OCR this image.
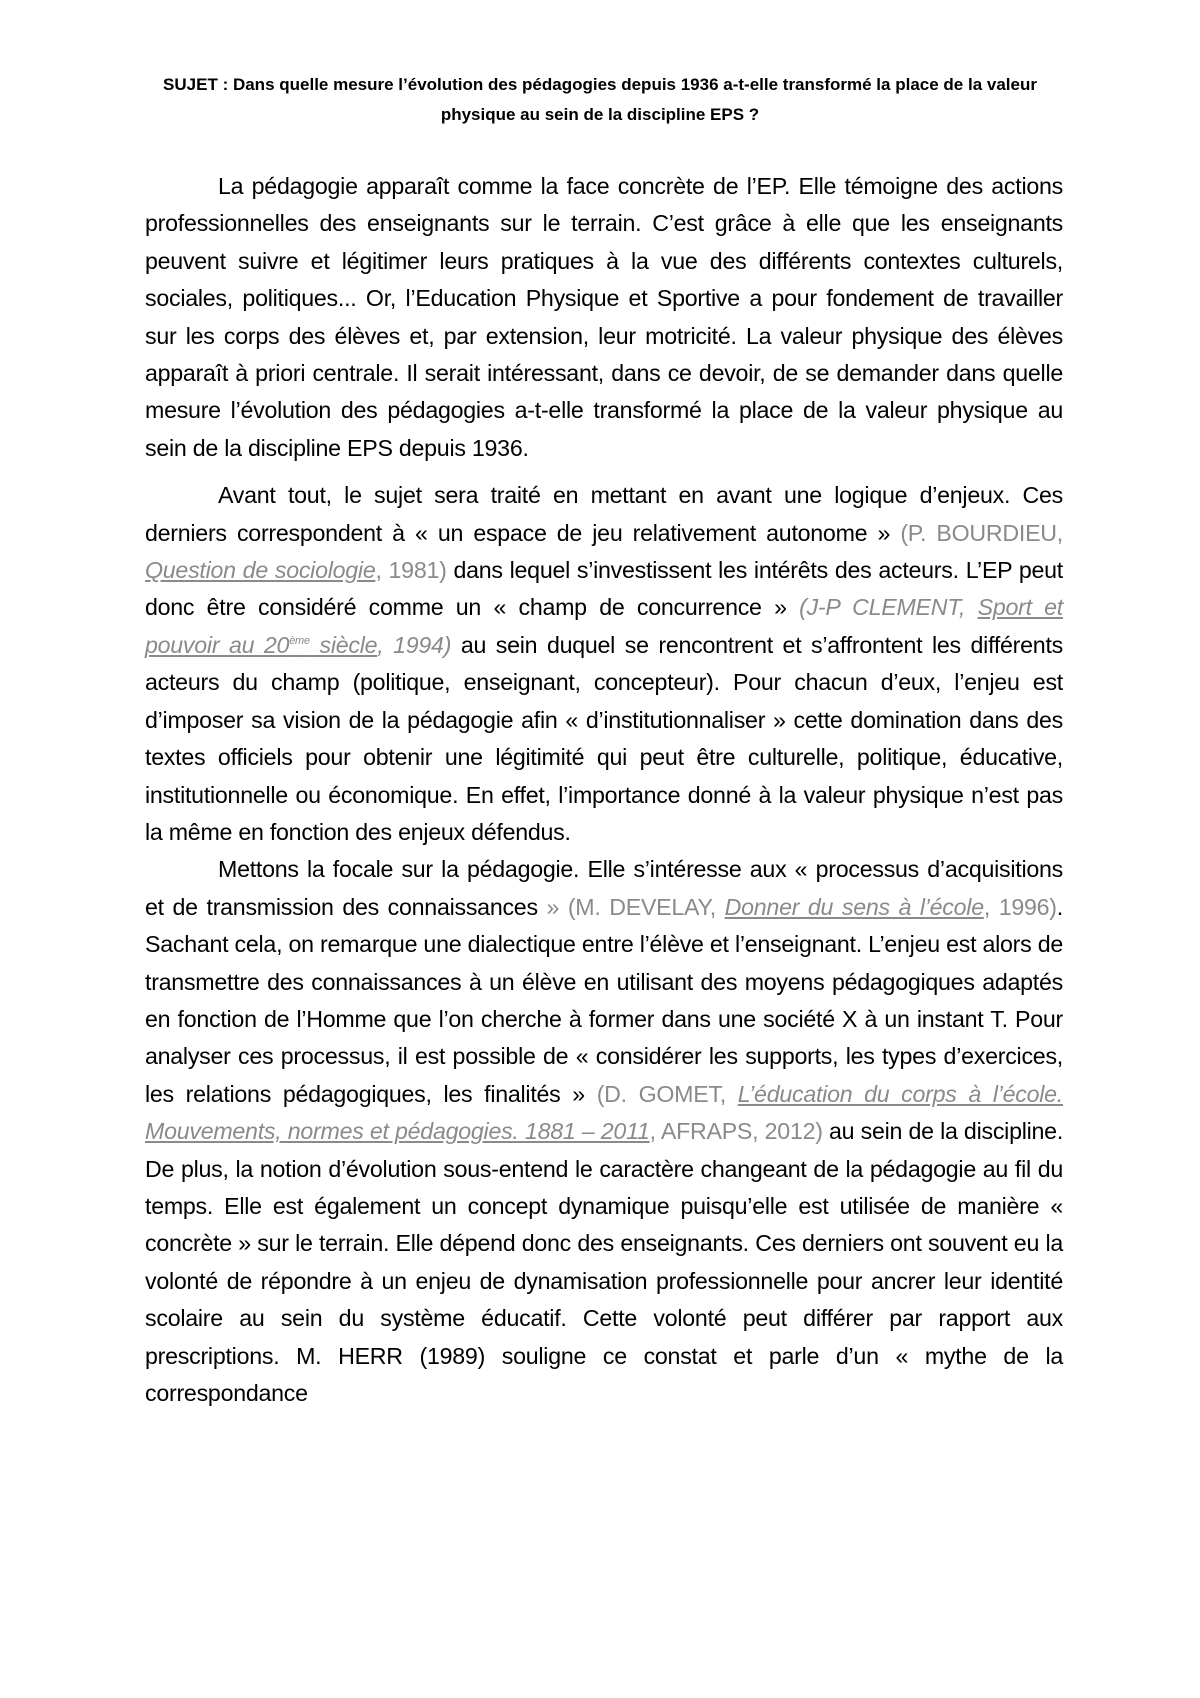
SUJET : Dans quelle mesure l’évolution des pédagogies depuis 1936 a-t-elle transformé la place de la valeur
physique au sein de la discipline EPS ?

La pédagogie apparaît comme la face concrète de l’EP. Elle témoigne des actions professionnelles des enseignants sur le terrain. C’est grâce à elle que les enseignants peuvent suivre et légitimer leurs pratiques à la vue des différents contextes culturels, sociales, politiques... Or, l’Education Physique et Sportive a pour fondement de travailler sur les corps des élèves et, par extension, leur motricité. La valeur physique des élèves apparaît à priori centrale. Il serait intéressant, dans ce devoir, de se demander dans quelle mesure l’évolution des pédagogies a-t-elle transformé la place de la valeur physique au sein de la discipline EPS depuis 1936.

Avant tout, le sujet sera traité en mettant en avant une logique d’enjeux. Ces derniers correspondent à « un espace de jeu relativement autonome » (P. BOURDIEU, Question de sociologie, 1981) dans lequel s’investissent les intérêts des acteurs. L’EP peut donc être considéré comme un « champ de concurrence » (J-P CLEMENT, Sport et pouvoir au 20ème siècle, 1994) au sein duquel se rencontrent et s’affrontent les différents acteurs du champ (politique, enseignant, concepteur). Pour chacun d’eux, l’enjeu est d’imposer sa vision de la pédagogie afin « d’institutionnaliser » cette domination dans des textes officiels pour obtenir une légitimité qui peut être culturelle, politique, éducative, institutionnelle ou économique. En effet, l’importance donné à la valeur physique n’est pas la même en fonction des enjeux défendus.

Mettons la focale sur la pédagogie. Elle s’intéresse aux « processus d’acquisitions et de transmission des connaissances » (M. DEVELAY, Donner du sens à l’école, 1996). Sachant cela, on remarque une dialectique entre l’élève et l’enseignant. L’enjeu est alors de transmettre des connaissances à un élève en utilisant des moyens pédagogiques adaptés en fonction de l’Homme que l’on cherche à former dans une société X à un instant T. Pour analyser ces processus, il est possible de « considérer les supports, les types d’exercices, les relations pédagogiques, les finalités » (D. GOMET, L’éducation du corps à l’école. Mouvements, normes et pédagogies. 1881 – 2011, AFRAPS, 2012) au sein de la discipline. De plus, la notion d’évolution sous-entend le caractère changeant de la pédagogie au fil du temps. Elle est également un concept dynamique puisqu’elle est utilisée de manière « concrète » sur le terrain. Elle dépend donc des enseignants. Ces derniers ont souvent eu la volonté de répondre à un enjeu de dynamisation professionnelle pour ancrer leur identité scolaire au sein du système éducatif. Cette volonté peut différer par rapport aux prescriptions. M. HERR (1989) souligne ce constat et parle d’un « mythe de la correspondance
